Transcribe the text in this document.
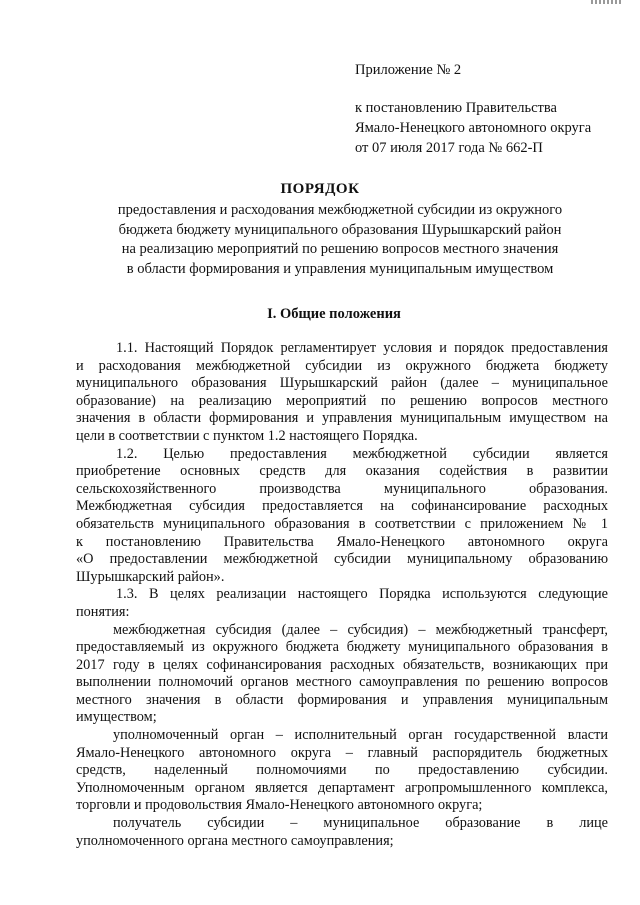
Приложение № 2
к постановлению Правительства
Ямало-Ненецкого автономного округа
от 07 июля 2017 года № 662-П
ПОРЯДОК
предоставления и расходования межбюджетной субсидии из окружного
бюджета бюджету муниципального образования Шурышкарский район
на реализацию мероприятий по решению вопросов местного значения
в области формирования и управления муниципальным имуществом
I. Общие положения
1.1. Настоящий Порядок регламентирует условия и порядок предоставления
и расходования межбюджетной субсидии из окружного бюджета бюджету
муниципального образования Шурышкарский район (далее – муниципальное
образование) на реализацию мероприятий по решению вопросов местного
значения в области формирования и управления муниципальным имуществом на
цели в соответствии с пунктом 1.2 настоящего Порядка.
1.2. Целью предоставления межбюджетной субсидии является
приобретение основных средств для оказания содействия в развитии
сельскохозяйственного производства муниципального образования.
Межбюджетная субсидия предоставляется на софинансирование расходных
обязательств муниципального образования в соответствии с приложением № 1
к постановлению Правительства Ямало-Ненецкого автономного округа
«О предоставлении межбюджетной субсидии муниципальному образованию
Шурышкарский район».
1.3. В целях реализации настоящего Порядка используются следующие
понятия:
межбюджетная субсидия (далее – субсидия) – межбюджетный трансферт,
предоставляемый из окружного бюджета бюджету муниципального образования в
2017 году в целях софинансирования расходных обязательств, возникающих при
выполнении полномочий органов местного самоуправления по решению вопросов
местного значения в области формирования и управления муниципальным
имуществом;
уполномоченный орган – исполнительный орган государственной власти
Ямало-Ненецкого автономного округа – главный распорядитель бюджетных
средств, наделенный полномочиями по предоставлению субсидии.
Уполномоченным органом является департамент агропромышленного комплекса,
торговли и продовольствия Ямало-Ненецкого автономного округа;
получатель субсидии – муниципальное образование в лице
уполномоченного органа местного самоуправления;
